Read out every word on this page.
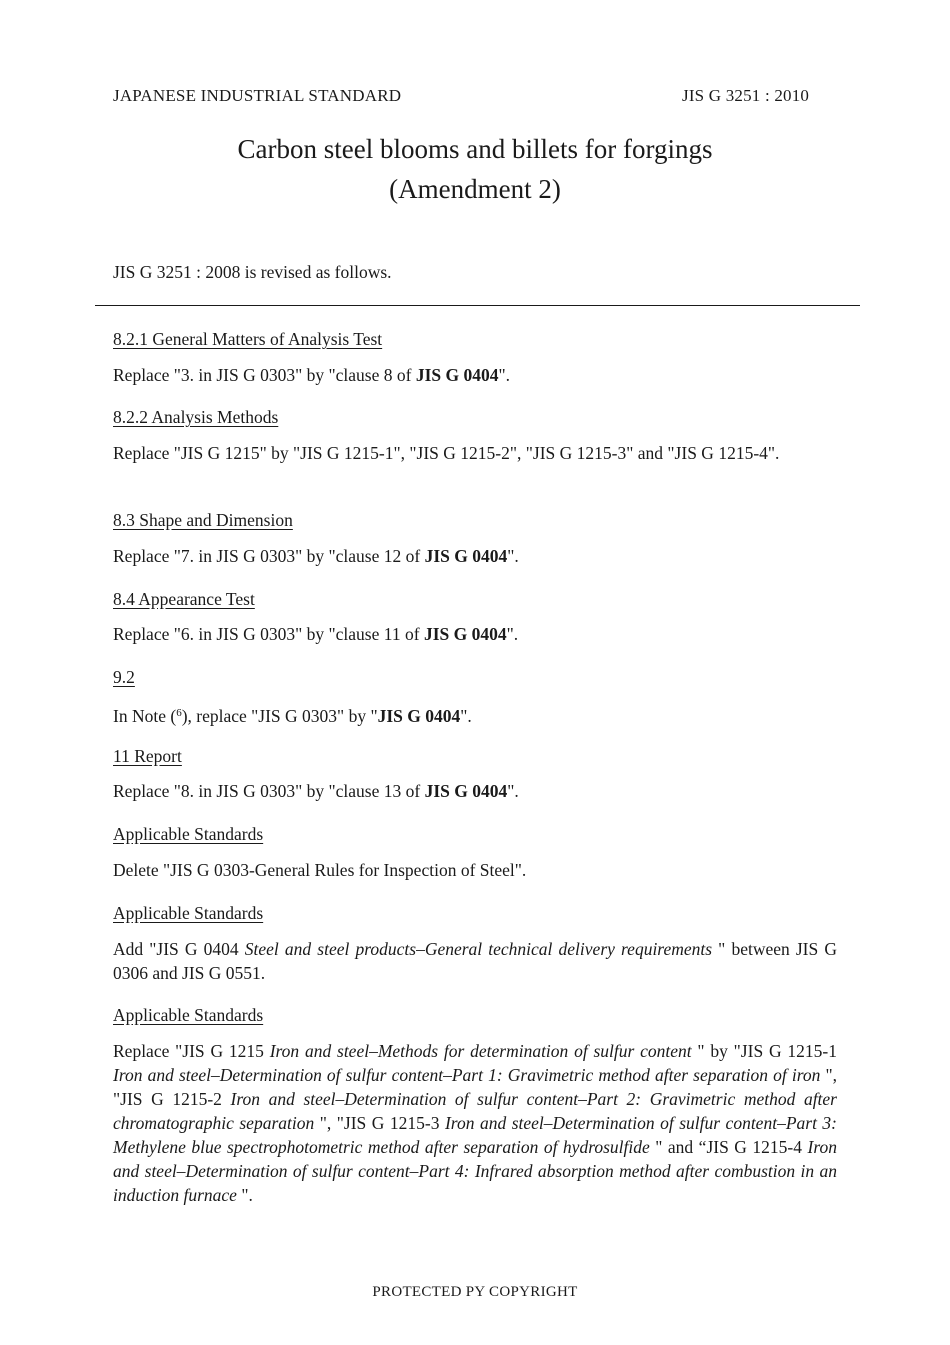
JAPANESE INDUSTRIAL STANDARD	JIS G 3251 : 2010
Carbon steel blooms and billets for forgings
(Amendment 2)
JIS G 3251 : 2008 is revised as follows.
8.2.1 General Matters of Analysis Test
Replace "3. in JIS G 0303" by "clause 8 of JIS G 0404".
8.2.2 Analysis Methods
Replace "JIS G 1215" by "JIS G 1215-1", "JIS G 1215-2", "JIS G 1215-3" and "JIS G 1215-4".
8.3 Shape and Dimension
Replace "7. in JIS G 0303" by "clause 12 of JIS G 0404".
8.4 Appearance Test
Replace "6. in JIS G 0303" by "clause 11 of JIS G 0404".
9.2
In Note ($^6$), replace "JIS G 0303" by "JIS G 0404".
11 Report
Replace "8. in JIS G 0303" by "clause 13 of JIS G 0404".
Applicable Standards
Delete "JIS G 0303-General Rules for Inspection of Steel".
Applicable Standards
Add "JIS G 0404 Steel and steel products–General technical delivery requirements " between JIS G 0306 and JIS G 0551.
Applicable Standards
Replace "JIS G 1215 Iron and steel–Methods for determination of sulfur content " by "JIS G 1215-1 Iron and steel–Determination of sulfur content–Part 1: Gravimetric method after separation of iron ", "JIS G 1215-2 Iron and steel–Determination of sulfur content–Part 2: Gravimetric method after chromatographic separation ", "JIS G 1215-3 Iron and steel–Determination of sulfur content–Part 3: Methylene blue spectrophotometric method after separation of hydrosulfide " and “JIS G 1215-4 Iron and steel–Determination of sulfur content–Part 4: Infrared absorption method after combustion in an induction furnace ".
PROTECTED PY COPYRIGHT
